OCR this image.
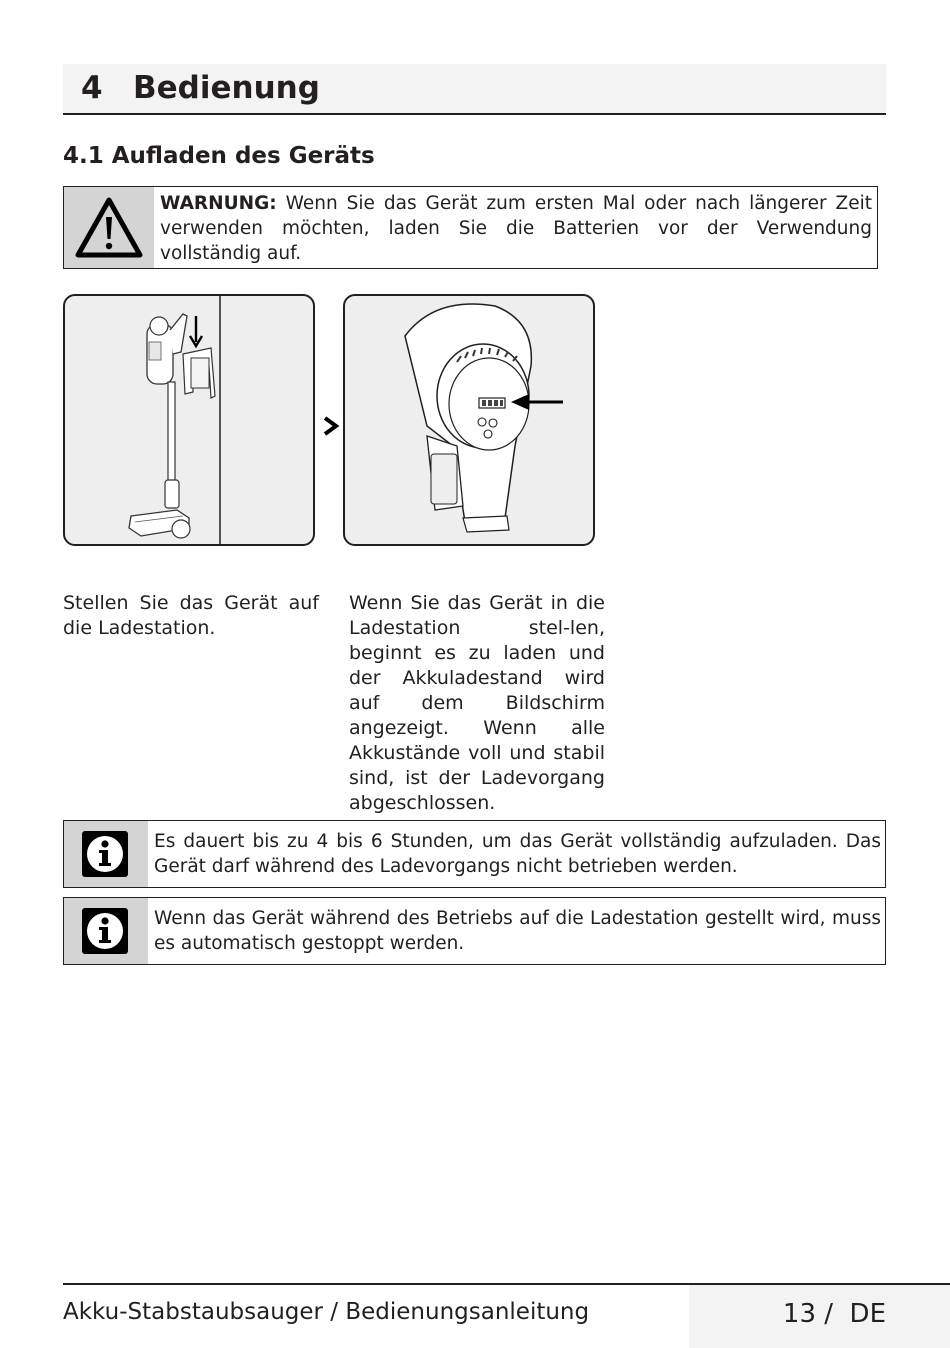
4 Bedienung
4.1 Aufladen des Geräts
WARNUNG: Wenn Sie das Gerät zum ersten Mal oder nach längerer Zeit verwenden möchten, laden Sie die Batterien vor der Verwendung vollständig auf.
Stellen Sie das Gerät auf die Ladestation.
Wenn Sie das Gerät in die Ladestation stel-len, beginnt es zu laden und der Akkuladestand wird auf dem Bildschirm angezeigt. Wenn alle Akkustände voll und stabil sind, ist der Ladevorgang abgeschlossen.
Es dauert bis zu 4 bis 6 Stunden, um das Gerät vollständig aufzuladen. Das Gerät darf während des Ladevorgangs nicht betrieben werden.
Wenn das Gerät während des Betriebs auf die Ladestation gestellt wird, muss es automatisch gestoppt werden.
Akku-Stabstaubsauger / Bedienungsanleitung	13 /  DE
